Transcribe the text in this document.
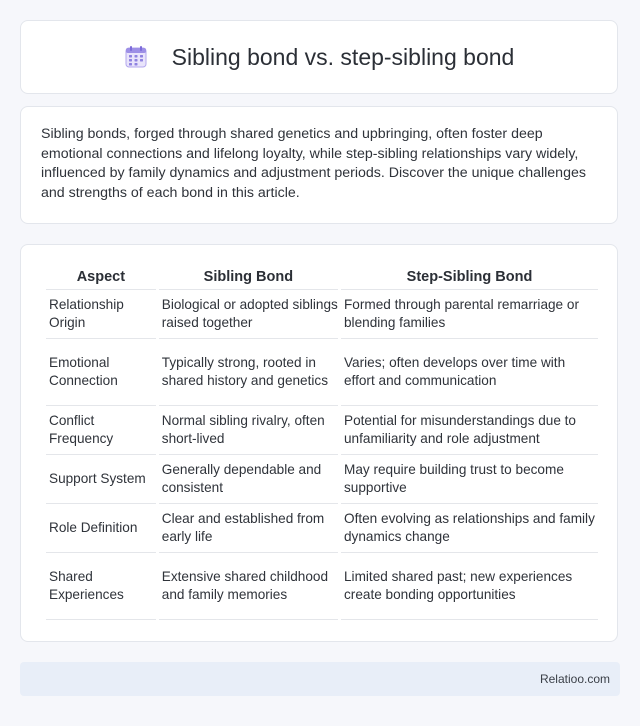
Sibling bond vs. step-sibling bond

Sibling bonds, forged through shared genetics and upbringing, often foster deep emotional connections and lifelong loyalty, while step-sibling relationships vary widely, influenced by family dynamics and adjustment periods. Discover the unique challenges and strengths of each bond in this article.

Aspect	Sibling Bond	Step-Sibling Bond
Relationship Origin	Biological or adopted siblings raised together	Formed through parental remarriage or blending families
Emotional Connection	Typically strong, rooted in shared history and genetics	Varies; often develops over time with effort and communication
Conflict Frequency	Normal sibling rivalry, often short-lived	Potential for misunderstandings due to unfamiliarity and role adjustment
Support System	Generally dependable and consistent	May require building trust to become supportive
Role Definition	Clear and established from early life	Often evolving as relationships and family dynamics change
Shared Experiences	Extensive shared childhood and family memories	Limited shared past; new experiences create bonding opportunities
Relatioo.com
